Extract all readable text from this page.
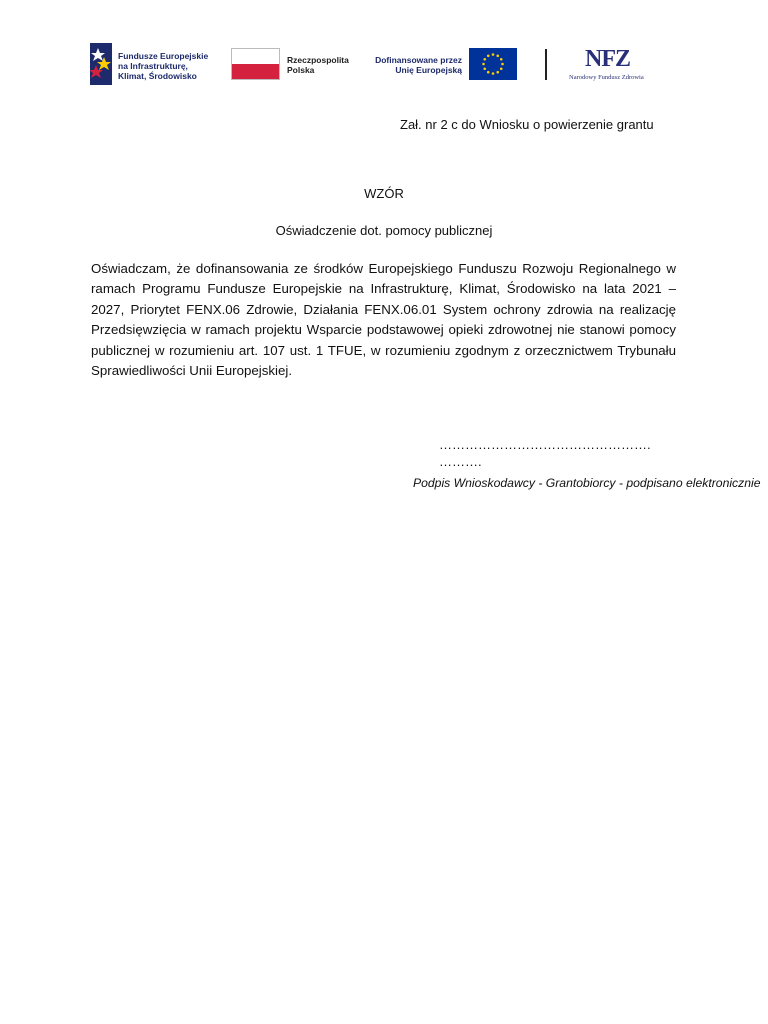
Fundusze Europejskie
na Infrastrukturę,
Klimat, Środowisko
Rzeczpospolita
Polska
Dofinansowane przez
Unię Europejską	NFZ
Narodowy Fundusz Zdrowia
Zał. nr 2 c do Wniosku o powierzenie grantu
WZÓR
Oświadczenie dot. pomocy publicznej

Oświadczam, że dofinansowania ze środków Europejskiego Funduszu Rozwoju Regionalnego w ramach Programu Fundusze Europejskie na Infrastrukturę, Klimat, Środowisko na lata 2021 – 2027, Priorytet FENX.06 Zdrowie, Działania FENX.06.01 System ochrony zdrowia na realizację Przedsięwzięcia w ramach projektu Wsparcie podstawowej opieki zdrowotnej nie stanowi pomocy publicznej w rozumieniu art. 107 ust. 1 TFUE, w rozumieniu zgodnym z orzecznictwem Trybunału Sprawiedliwości Unii Europejskiej.

………………………………………….
……….
Podpis Wnioskodawcy - Grantobiorcy - podpisano elektronicznie
